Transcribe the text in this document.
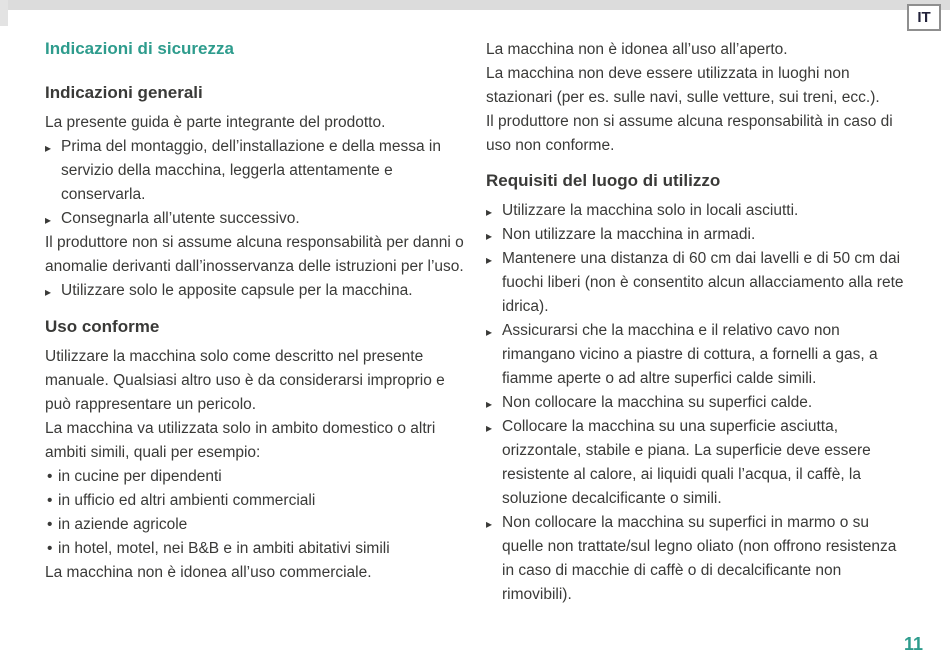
IT
Indicazioni di sicurezza
Indicazioni generali

La presente guida è parte integrante del prodotto.

▸ Prima del montaggio, dell’installazione e della messa in servizio della macchina, leggerla attentamente e conservarla.
▸ Consegnarla all’utente successivo.

Il produttore non si assume alcuna responsabilità per danni o anomalie derivanti dall’inosservanza delle istruzioni per l’uso.

▸ Utilizzare solo le apposite capsule per la macchina.
Uso conforme

Utilizzare la macchina solo come descritto nel presente manuale. Qualsiasi altro uso è da considerarsi improprio e può rappresentare un pericolo.

La macchina va utilizzata solo in ambito domestico o altri ambiti simili, quali per esempio:

• in cucine per dipendenti
• in ufficio ed altri ambienti commerciali
• in aziende agricole
• in hotel, motel, nei B&B e in ambiti abitativi simili

La macchina non è idonea all’uso commerciale.

La macchina non è idonea all’uso all’aperto.

La macchina non deve essere utilizzata in luoghi non stazionari (per es. sulle navi, sulle vetture, sui treni, ecc.).

Il produttore non si assume alcuna responsabilità in caso di uso non conforme.

Requisiti del luogo di utilizzo
▸ Utilizzare la macchina solo in locali asciutti.
▸ Non utilizzare la macchina in armadi.
▸ Mantenere una distanza di 60 cm dai lavelli e di 50 cm dai fuochi liberi (non è consentito alcun allacciamento alla rete idrica).
▸ Assicurarsi che la macchina e il relativo cavo non rimangano vicino a piastre di cottura, a fornelli a gas, a fiamme aperte o ad altre superfici calde simili.
▸ Non collocare la macchina su superfici calde.
▸ Collocare la macchina su una superficie asciutta, orizzontale, stabile e piana. La superficie deve essere resistente al calore, ai liquidi quali l’acqua, il caffè, la soluzione decalcificante o simili.
▸ Non collocare la macchina su superfici in marmo o su quelle non trattate/sul legno oliato (non offrono resistenza in caso di macchie di caffè o di decalcificante non rimovibili).
11
